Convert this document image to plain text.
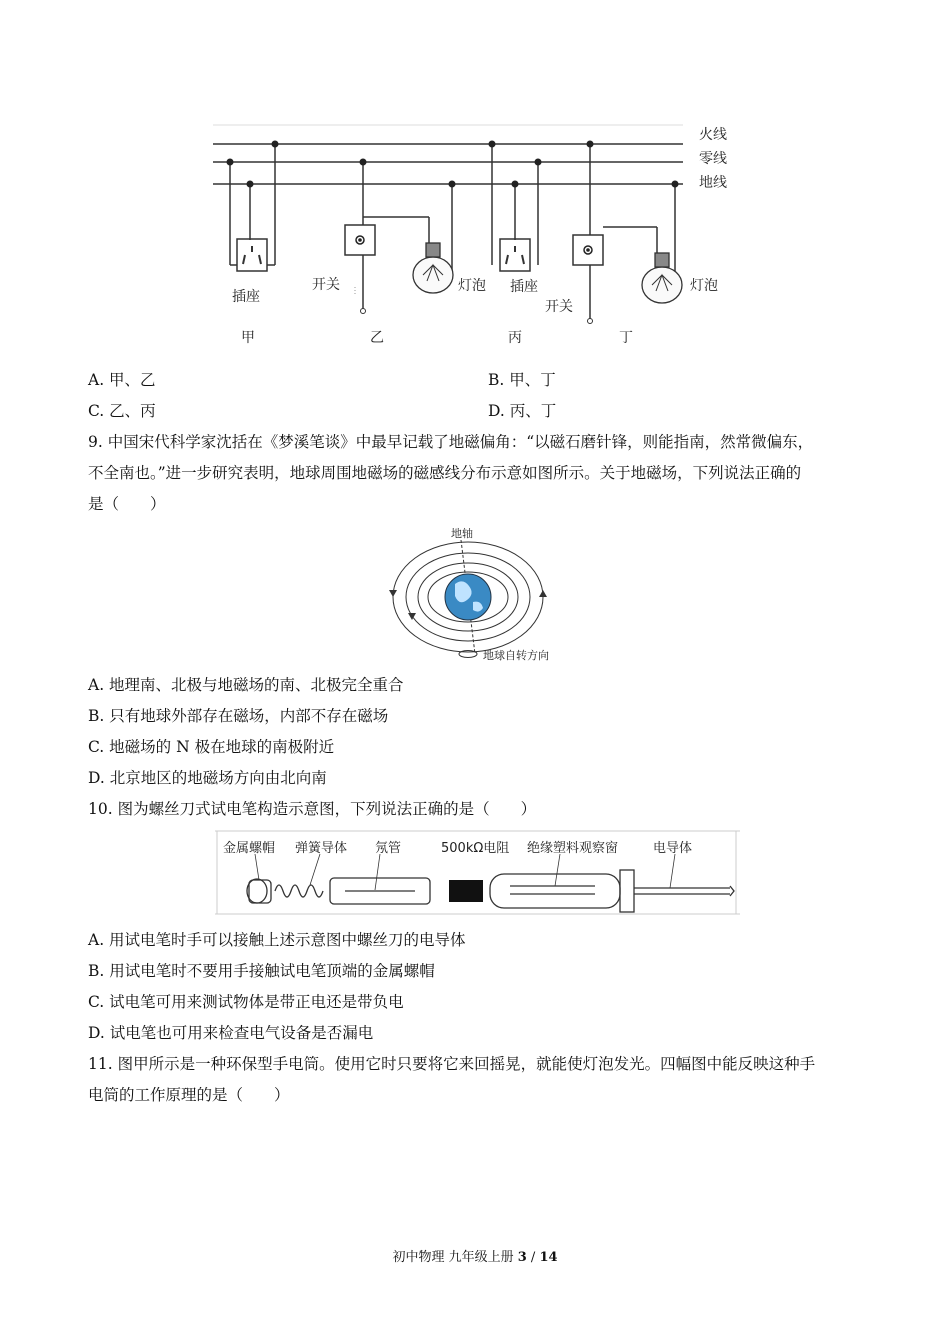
火线
零线
地线
插座
开关	灯泡 插座
开关
灯泡
甲	乙	丙	丁
A. 甲、乙	B. 甲、丁
C. 乙、丙	D. 丙、丁
9. 中国宋代科学家沈括在《梦溪笔谈》中最早记载了地磁偏角：“以磁石磨针锋，则能指南，然常微偏东，
不全南也。”进一步研究表明，地球周围地磁场的磁感线分布示意如图所示。关于地磁场，下列说法正确的
是（　　）
地轴
地球自转方向
A. 地理南、北极与地磁场的南、北极完全重合
B. 只有地球外部存在磁场，内部不存在磁场
C. 地磁场的 N 极在地球的南极附近
D. 北京地区的地磁场方向由北向南
10. 图为螺丝刀式试电笔构造示意图，下列说法正确的是（　　）
金属螺帽 弹簧导体 氖管	500kΩ电阻 绝缘塑料观察窗	电导体
A. 用试电笔时手可以接触上述示意图中螺丝刀的电导体
B. 用试电笔时不要用手接触试电笔顶端的金属螺帽
C. 试电笔可用来测试物体是带正电还是带负电
D. 试电笔也可用来检查电气设备是否漏电
11. 图甲所示是一种环保型手电筒。使用它时只要将它来回摇晃，就能使灯泡发光。四幅图中能反映这种手
电筒的工作原理的是（　　）
初中物理 九年级上册 3 / 14
